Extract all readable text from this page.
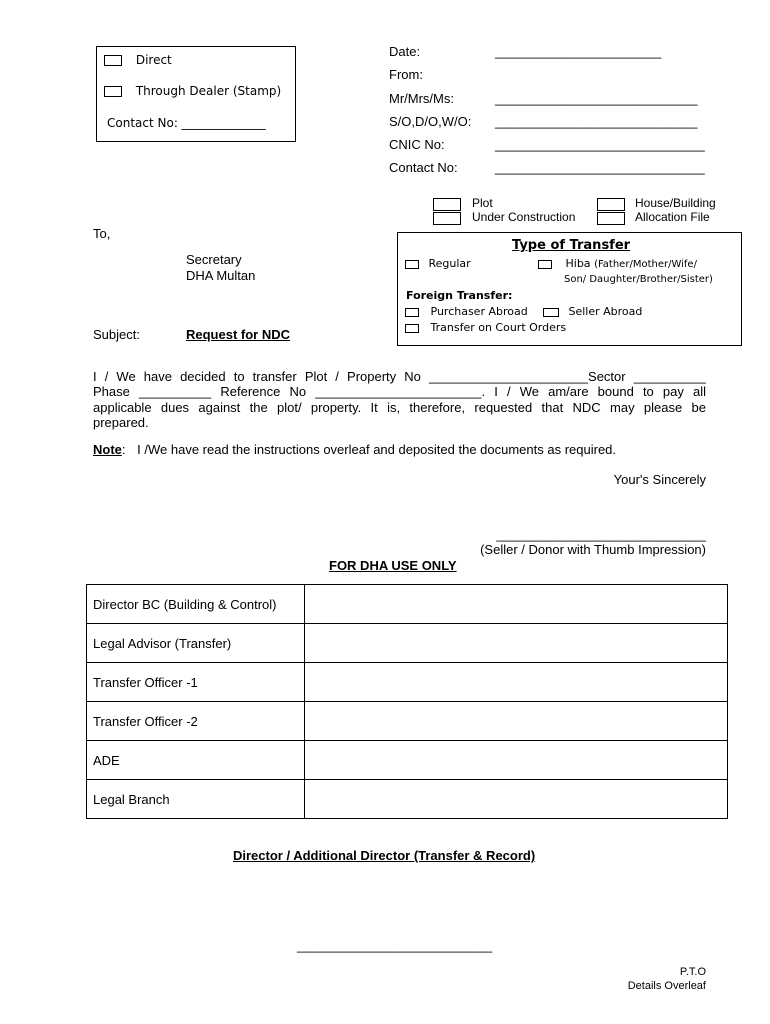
Direct
Through Dealer (Stamp)
Contact No: ______________
Date:	_______________________
From:
Mr/Mrs/Ms:	____________________________
S/O,D/O,W/O: ____________________________
CNIC No:	_____________________________
Contact No:	_____________________________
Plot
Under Construction
House/Building
Allocation File
To,
Secretary
DHA Multan
Subject:	Request for NDC
Type of Transfer
Regular	Hiba (Father/Mother/Wife/
Son/ Daughter/Brother/Sister)
Foreign Transfer:
Purchaser Abroad	Seller Abroad
Transfer on Court Orders
I / We have decided to transfer Plot / Property No ______________________Sector __________
Phase __________ Reference No _______________________. I / We am/are bound to pay all
applicable dues against the plot/ property. It is, therefore, requested that NDC may please be
prepared.
Note: I /We have read the instructions overleaf and deposited the documents as required.
Your's Sincerely
_____________________________
(Seller / Donor with Thumb Impression)
FOR DHA USE ONLY
Director BC (Building & Control)	
Legal Advisor (Transfer)	
Transfer Officer -1	
Transfer Officer -2	
ADE	
Legal Branch	
Director / Additional Director (Transfer & Record)
___________________________
P.T.O
Details Overleaf
